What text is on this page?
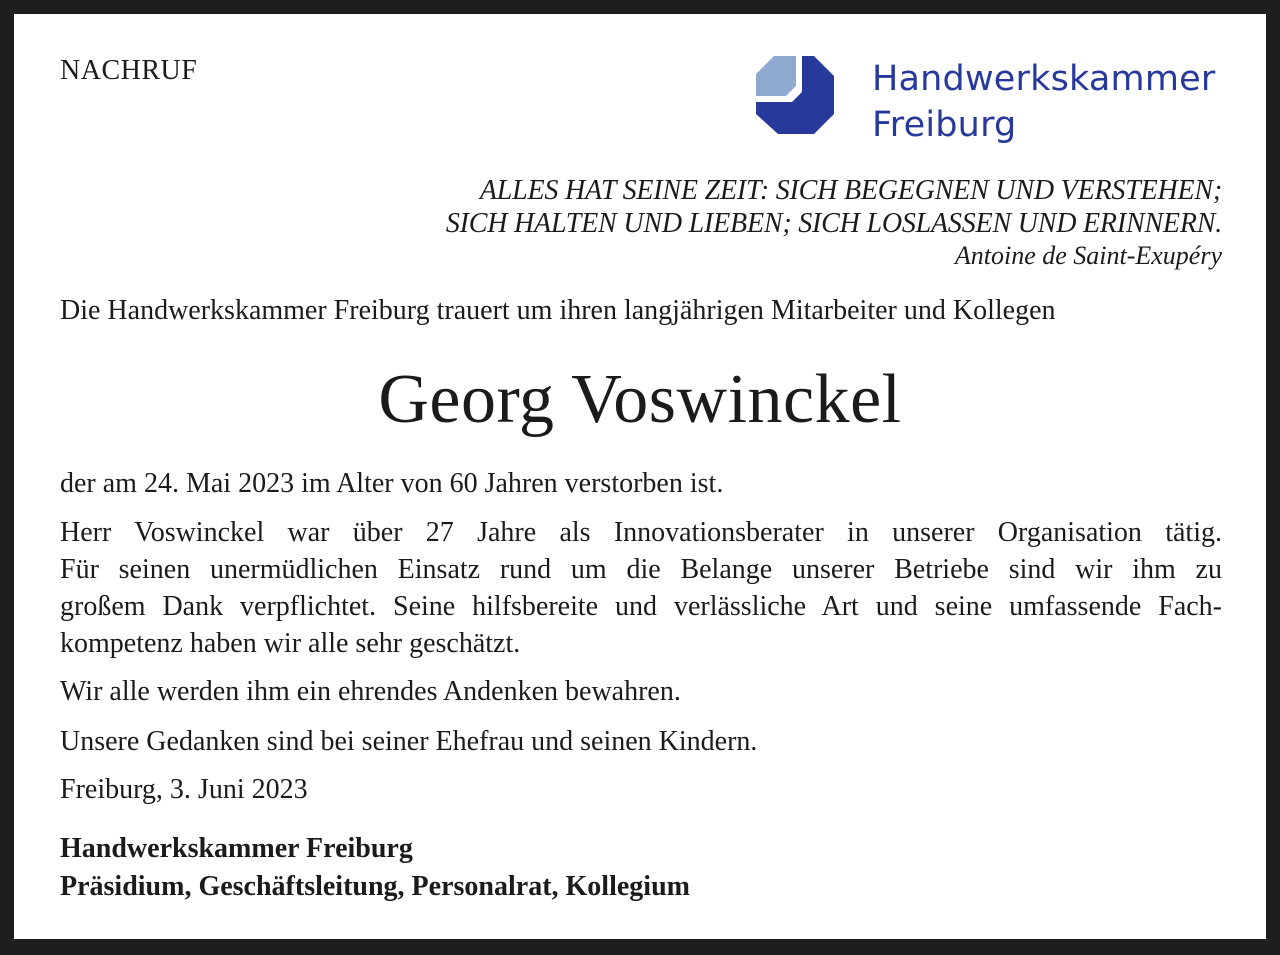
NACHRUF	Handwerkskammer
Freiburg
ALLES HAT SEINE ZEIT: SICH BEGEGNEN UND VERSTEHEN;
SICH HALTEN UND LIEBEN; SICH LOSLASSEN UND ERINNERN.
Antoine de Saint-Exupéry
Die Handwerkskammer Freiburg trauert um ihren langjährigen Mitarbeiter und Kollegen
Georg Voswinckel
der am 24. Mai 2023 im Alter von 60 Jahren verstorben ist.
Herr Voswinckel war über 27 Jahre als Innovationsberater in unserer Organisation tätig.
Für seinen unermüdlichen Einsatz rund um die Belange unserer Betriebe sind wir ihm zu
großem Dank verpflichtet. Seine hilfsbereite und verlässliche Art und seine umfassende Fach-
kompetenz haben wir alle sehr geschätzt.
Wir alle werden ihm ein ehrendes Andenken bewahren.
Unsere Gedanken sind bei seiner Ehefrau und seinen Kindern.
Freiburg, 3. Juni 2023
Handwerkskammer Freiburg
Präsidium, Geschäftsleitung, Personalrat, Kollegium
